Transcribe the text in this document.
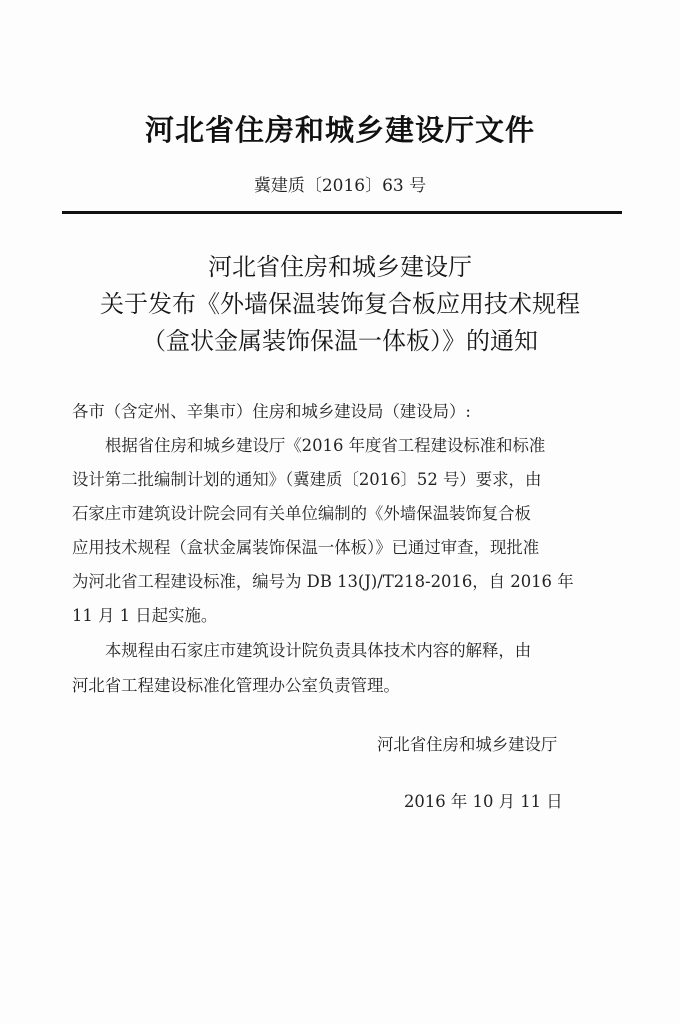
河北省住房和城乡建设厅文件
冀建质〔2016〕63 号
河北省住房和城乡建设厅
关于发布《外墙保温装饰复合板应用技术规程
（盒状金属装饰保温一体板）》的通知
各市（含定州、辛集市）住房和城乡建设局（建设局）:
根据省住房和城乡建设厅《2016 年度省工程建设标准和标准
设计第二批编制计划的通知》（冀建质〔2016〕52 号）要求，由
石家庄市建筑设计院会同有关单位编制的《外墙保温装饰复合板
应用技术规程（盒状金属装饰保温一体板）》已通过审查，现批准
为河北省工程建设标准，编号为 DB 13(J)/T218-2016，自 2016 年
11 月 1 日起实施。
本规程由石家庄市建筑设计院负责具体技术内容的解释，由
河北省工程建设标准化管理办公室负责管理。
河北省住房和城乡建设厅
2016 年 10 月 11 日
